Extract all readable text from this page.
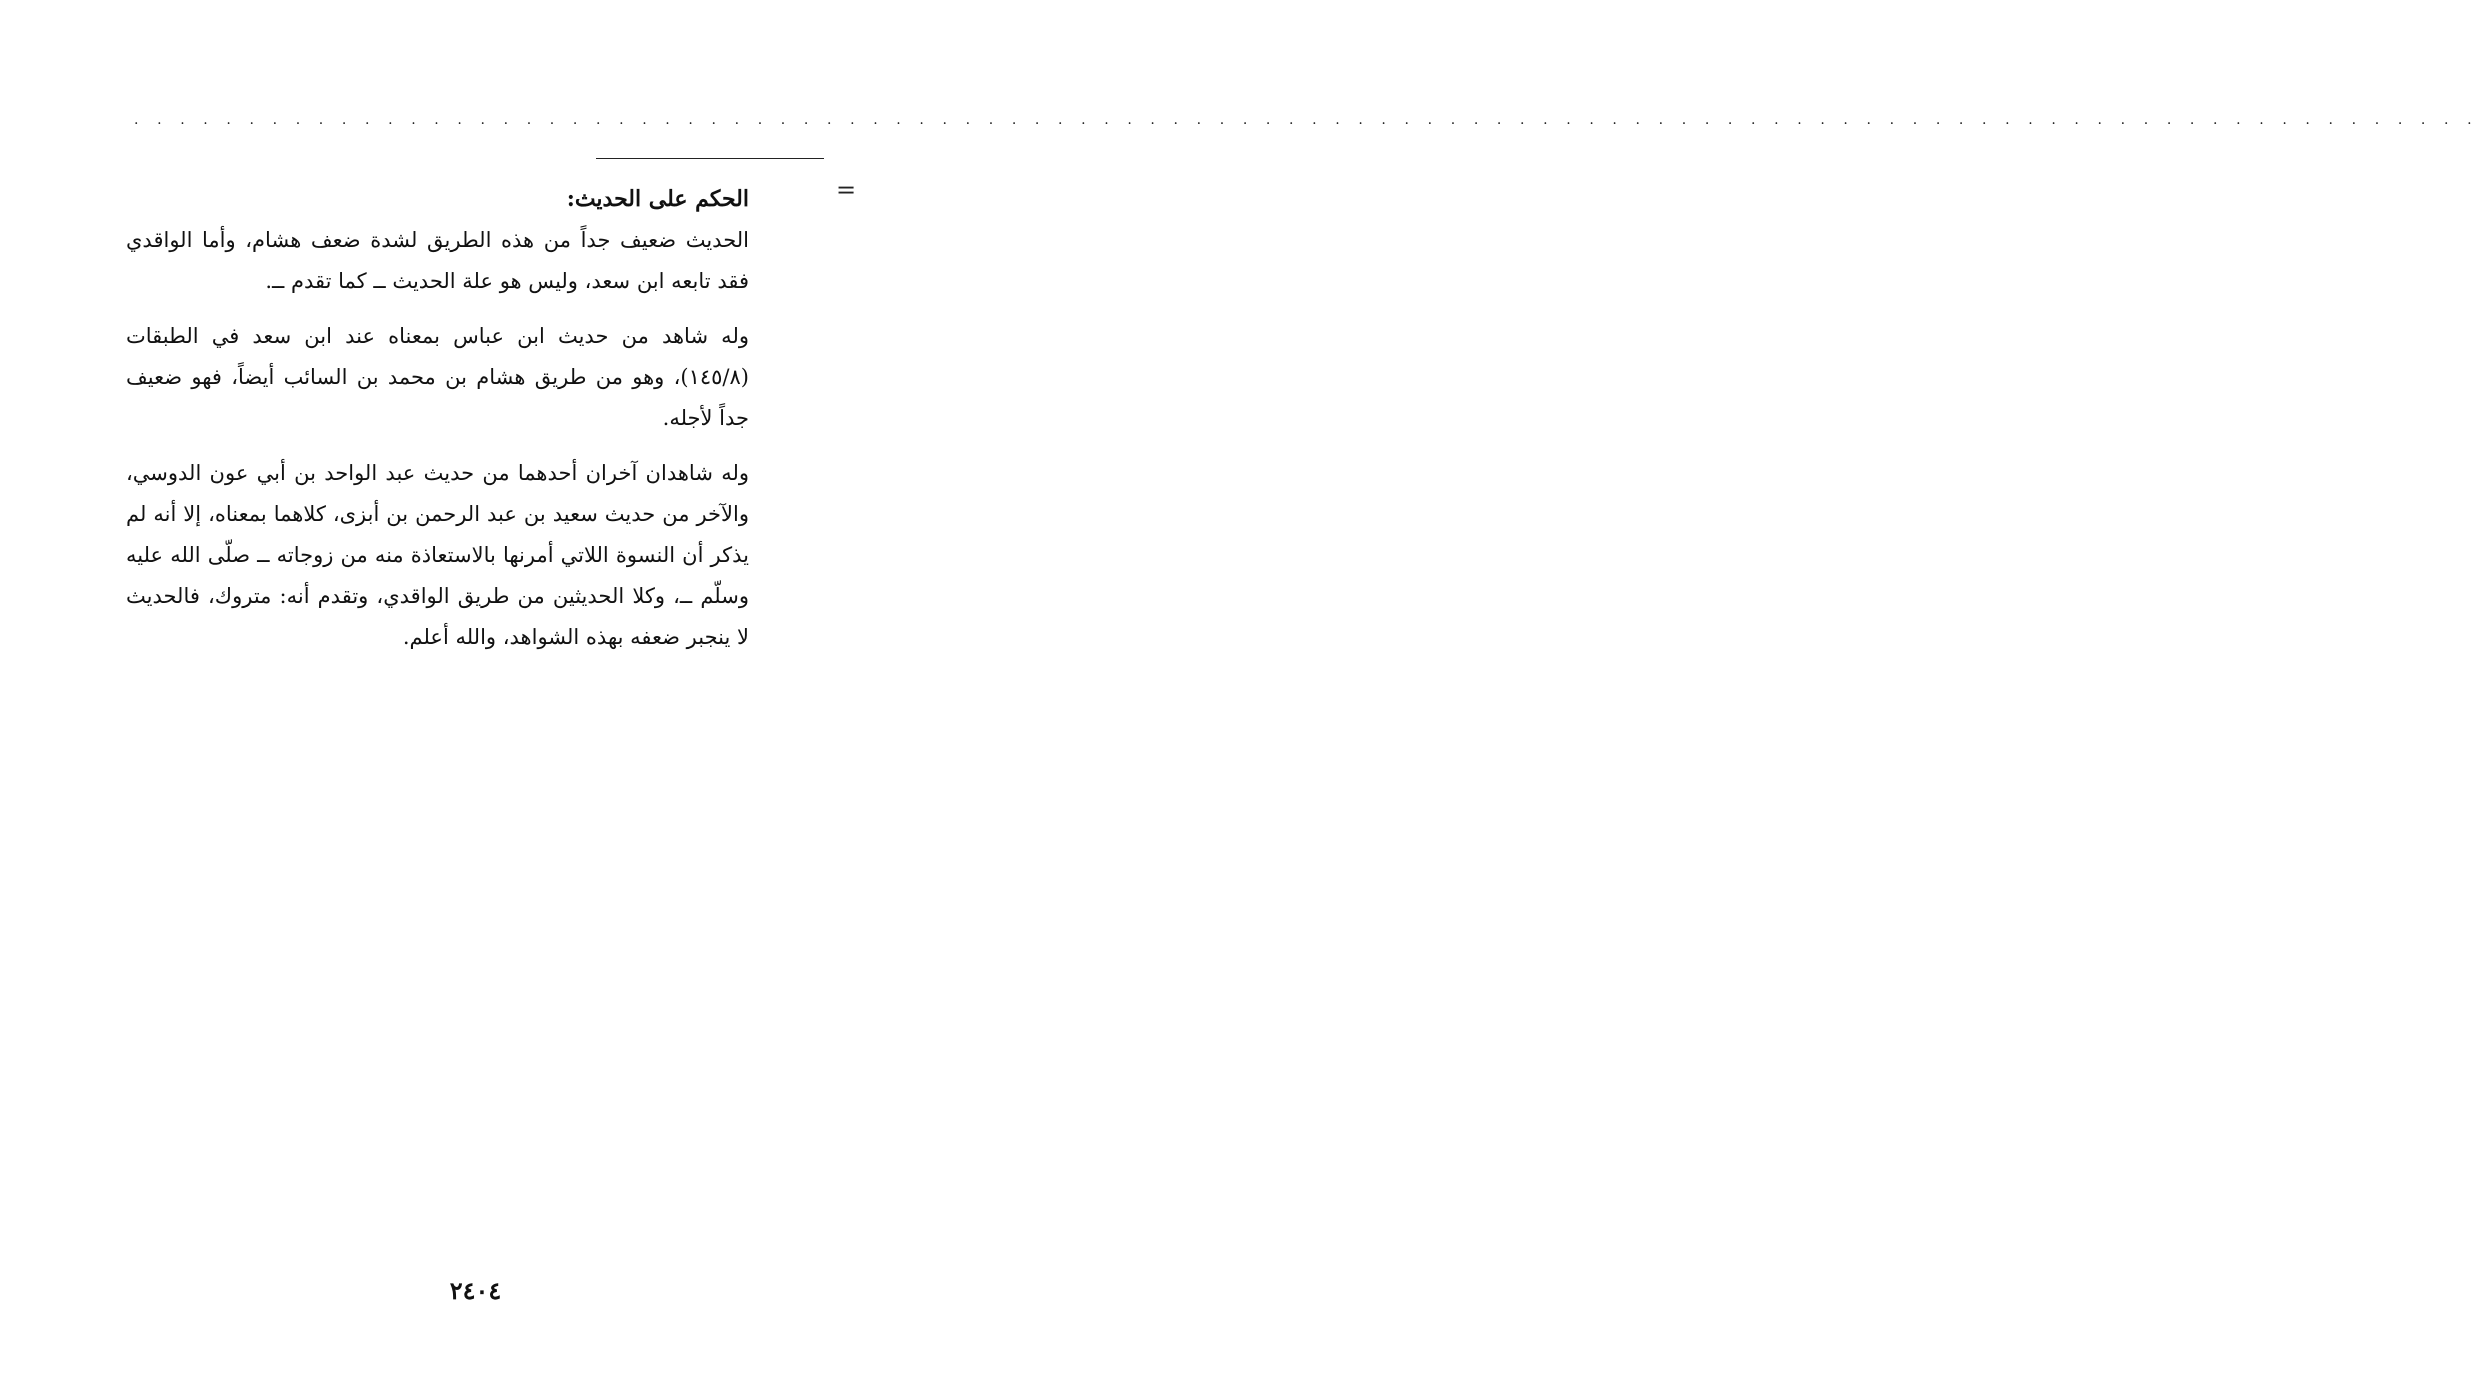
. . . . . . . . . . . . . . . . . . . . . . . . . . . . . . . . . . . . . . . . . . . . . . . . . . . . . . . . . . . . . . . . . . . . . . . . . . . . . . . . . . . . . . . . . . . . . . . . . . . . . .
=

الحكم على الحديث:

الحديث ضعيف جداً من هذه الطريق لشدة ضعف هشام، وأما الواقدي فقد تابعه ابن سعد، وليس هو علة الحديث ــ كما تقدم ــ.

وله شاهد من حديث ابن عباس بمعناه عند ابن سعد في الطبقات (١٤٥/٨)، وهو من طريق هشام بن محمد بن السائب أيضاً، فهو ضعيف جداً لأجله.

وله شاهدان آخران أحدهما من حديث عبد الواحد بن أبي عون الدوسي، والآخر من حديث سعيد بن عبد الرحمن بن أبزى، كلاهما بمعناه، إلا أنه لم يذكر أن النسوة اللاتي أمرنها بالاستعاذة منه من زوجاته ــ صلّى الله عليه وسلّم ــ، وكلا الحديثين من طريق الواقدي، وتقدم أنه: متروك، فالحديث لا ينجبر ضعفه بهذه الشواهد، والله أعلم.

٢٤٠٤
